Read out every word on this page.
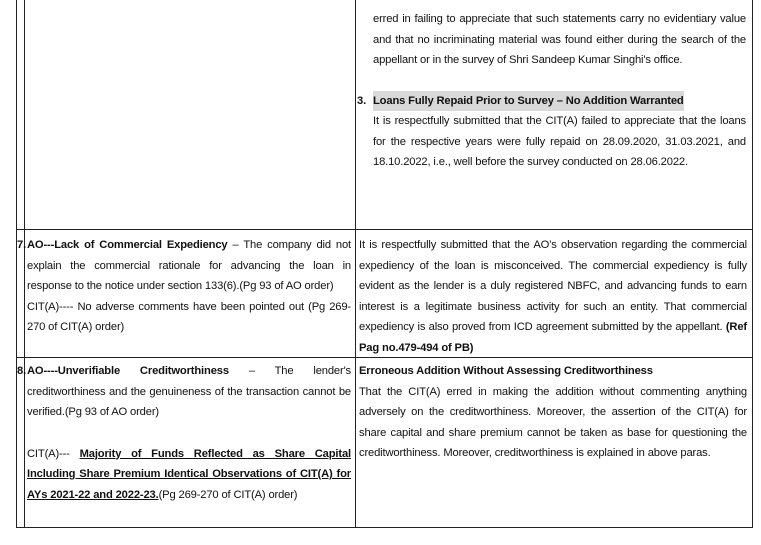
erred in failing to appreciate that such statements carry no evidentiary value and that no incriminating material was found either during the search of the appellant or in the survey of Shri Sandeep Kumar Singhi's office.

3. Loans Fully Repaid Prior to Survey – No Addition Warranted

It is respectfully submitted that the CIT(A) failed to appreciate that the loans for the respective years were fully repaid on 28.09.2020, 31.03.2021, and 18.10.2022, i.e., well before the survey conducted on 28.06.2022.

7. AO---Lack of Commercial Expediency – The company did not explain the commercial rationale for advancing the loan in response to the notice under section 133(6).(Pg 93 of AO order)

CIT(A)---- No adverse comments have been pointed out (Pg 269-270 of CIT(A) order)

It is respectfully submitted that the AO's observation regarding the commercial expediency of the loan is misconceived. The commercial expediency is fully evident as the lender is a duly registered NBFC, and advancing funds to earn interest is a legitimate business activity for such an entity. That commercial expediency is also proved from ICD agreement submitted by the appellant. (Ref Pag no.479-494 of PB)

8. AO----Unverifiable Creditworthiness – The lender's creditworthiness and the genuineness of the transaction cannot be verified.(Pg 93 of AO order)

CIT(A)--- Majority of Funds Reflected as Share Capital Including Share Premium Identical Observations of CIT(A) for AYs 2021-22 and 2022-23.(Pg 269-270 of CIT(A) order)

Erroneous Addition Without Assessing Creditworthiness

That the CIT(A) erred in making the addition without commenting anything adversely on the creditworthiness. Moreover, the assertion of the CIT(A) for share capital and share premium cannot be taken as base for questioning the creditworthiness. Moreover, creditworthiness is explained in above paras.
